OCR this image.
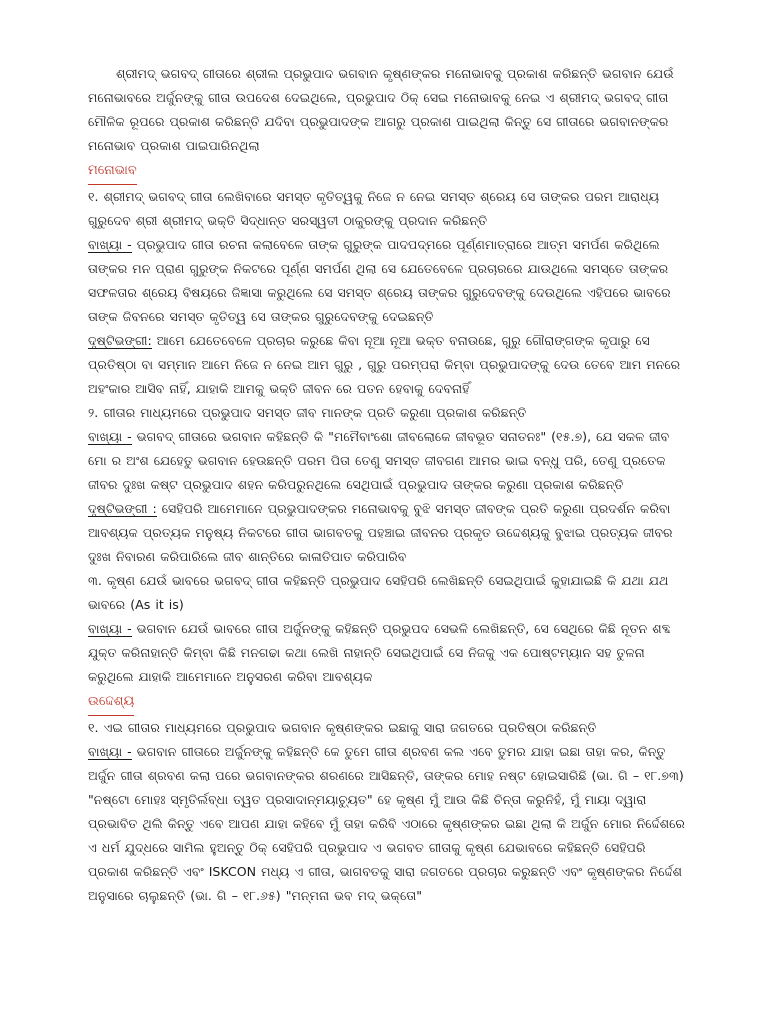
ଶ୍ରୀମଦ୍ ଭଗବଦ୍ ଗୀତାରେ ଶ୍ରୀଲ ପ୍ରଭୁପାଦ ଭଗବାନ କୃଷ୍ଣଙ୍କର ମନୋଭାବକୁ ପ୍ରକାଶ କରିଛନ୍ତି ଭଗବାନ ଯେଉଁ ମନୋଭାବରେ ଅର୍ଜୁନଙ୍କୁ ଗୀତା ଉପଦେଶ ଦେଇଥିଲେ, ପ୍ରଭୁପାଦ ଠିକ୍ ସେଇ ମନୋଭାବକୁ ନେଇ ଏ ଶ୍ରୀମଦ୍ ଭଗବଦ୍ ଗୀତା ମୌଳିକ ରୂପରେ ପ୍ରକାଶ କରିଛନ୍ତି ଯଦିବା ପ୍ରଭୁପାଦଙ୍କ ଆଗରୁ ପ୍ରକାଶ ପାଇଥିଲା କିନ୍ତୁ ସେ ଗୀତାରେ ଭଗବାନଙ୍କର ମନୋଭାବ ପ୍ରକାଶ ପାଇପାରିନଥିଲା

ମନୋଭାବ

୧. ଶ୍ରୀମଦ୍ ଭଗବଦ୍ ଗୀତା ଲେଖିବାରେ ସମସ୍ତ କୃତିତ୍ୱକୁ ନିଜେ ନ ନେଇ ସମସ୍ତ ଶ୍ରେୟ ସେ ତାଙ୍କର ପରମ ଆରାଧ୍ୟ ଗୁରୁଦେବ ଶ୍ରୀ ଶ୍ରୀମଦ୍ ଭକ୍ତି ସିଦ୍ଧାନ୍ତ ସରସ୍ୱତୀ ଠାକୁରଙ୍କୁ ପ୍ରଦାନ କରିଛନ୍ତି

ବାଖ୍ୟା - ପ୍ରଭୁପାଦ ଗୀତା ରଚନା କଲାବେଳେ ତାଙ୍କ ଗୁରୁଙ୍କ ପାଦପଦ୍ମରେ ପୂର୍ଣ୍ଣମାତ୍ରାରେ ଆତ୍ମ ସମର୍ପଣ କରିଥିଲେ ତାଙ୍କର ମନ ପ୍ରାଣ ଗୁରୁଙ୍କ ନିକଟରେ ପୂର୍ଣ୍ଣ ସମର୍ପଣ ଥିଲା ସେ ଯେତେବେଳେ ପ୍ରଚାରରେ ଯାଉଥିଲେ ସମସ୍ତେ ତାଙ୍କର ସଫଳତାର ଶ୍ରେୟ ବିଷୟରେ ଜିଜ୍ଞାସା କରୁଥିଲେ ସେ ସମସ୍ତ ଶ୍ରେୟ ତାଙ୍କର ଗୁରୁଦେବଙ୍କୁ ଦେଉଥିଲେ ଏହିପରେ ଭାବରେ ତାଙ୍କ ଜିବନରେ ସମସ୍ତ କୃତିତ୍ୱ ସେ ତାଙ୍କର ଗୁରୁଦେବଙ୍କୁ ଦେଇଛନ୍ତି

ଦୃଷ୍ଟିଭଙ୍ଗୀ: ଆମେ ଯେତେବେଳେ ପ୍ରଚାର କରୁଛେ କିବା ନୂଆ ନୂଆ ଭକ୍ତ ବନାଉଛେ, ଗୁରୁ ଗୌରାଙ୍ଗଙ୍କ କୃପାରୁ ସେ ପ୍ରତିଷ୍ଠା ବା ସମ୍ମାନ ଆମେ ନିଜେ ନ ନେଇ ଆମ ଗୁରୁ , ଗୁରୁ ପରମ୍ପରା କିମ୍ବା ପ୍ରଭୁପାଦଙ୍କୁ ଦେଉ ତେବେ ଆମ ମନରେ ଅହଂକାର ଆସିବ ନାହିଁ, ଯାହାକି ଆମକୁ ଭକ୍ତି ଜୀବନ ରେ ପତନ ହେବାକୁ ଦେବନାହିଁ

୨. ଗୀତାର ମାଧ୍ୟମରେ ପ୍ରଭୁପାଦ ସମସ୍ତ ଜୀବ ମାନଙ୍କ ପ୍ରତି କରୁଣା ପ୍ରକାଶ କରିଛନ୍ତି

ବାଖ୍ୟା - ଭଗବଦ୍ ଗୀତାରେ ଭଗବାନ କହିଛନ୍ତି କି "ମମୈବାଂଶୋ ଜୀବଲୋକେ ଜୀବଭୂତ ସନାତନଃ" (୧୫.୭), ଯେ ସକଳ ଜୀବ ମୋ ର ଅଂଶ ଯେହେତୁ ଭଗବାନ ହେଉଛନ୍ତି ପରମ ପିତା ତେଣୁ ସମସ୍ତ ଜୀବଗଣ ଆମର ଭାଇ ବନ୍ଧୁ ପରି, ତେଣୁ ପ୍ରତେକ ଜୀବର ଦୁଃଖ କଷ୍ଟ ପ୍ରଭୁପାଦ ଶହନ କରିପରୁନଥିଲେ ସେଥିପାଇଁ ପ୍ରଭୁପାଦ ତାଙ୍କର କରୁଣା ପ୍ରକାଶ କରିଛନ୍ତି

ଦୃଷ୍ଟିଭଙ୍ଗୀ : ସେହିପରି ଆମେମାନେ ପ୍ରଭୁପାଦଙ୍କର ମନୋଭାବକୁ ବୁଝି ସମସ୍ତ ଜୀବଙ୍କ ପ୍ରତି କରୁଣା ପ୍ରଦର୍ଶନ କରିବା ଆବଶ୍ୟକ ପ୍ରତ୍ୟକ ମନୁଷ୍ୟ ନିକଟରେ ଗୀତା ଭାଗବତକୁ ପହଞ୍ଚାଇ ଜୀବନର ପ୍ରକୃତ ଉଦ୍ଦେଶ୍ୟକୁ ବୁଝାଇ ପ୍ରତ୍ୟକ ଜୀବର ଦୁଃଖ ନିବାରଣ କରିପାରିଲେ ଜୀବ ଶାନ୍ତିରେ କାଳାତିପାତ କରିପାରିବ

୩. କୃଷ୍ଣ ଯେଉଁ ଭାବରେ ଭଗବଦ୍ ଗୀତା କହିଛନ୍ତି ପ୍ରଭୁପାଦ ସେହିପରି ଲେଖିଛନ୍ତି ସେଇଥିପାଇଁ କୁହାଯାଇଛି କି ଯଥା ଯଥ ଭାବରେ (As it is)

ବାଖ୍ୟା - ଭଗବାନ ଯେଉଁ ଭାବରେ ଗୀତା ଅର୍ଜୁନଙ୍କୁ କହିଛନ୍ତି ପ୍ରଭୁପଦ ସେଭଳି ଲେଖିଛନ୍ତି, ସେ ସେଥିରେ କିଛି ନୂତନ ଶବ୍ଦ ଯୁକ୍ତ କରିନାହାନ୍ତି କିମ୍ବା କିଛି ମନଗଢା କଥା ଲେଖି ନାହାନ୍ତି ସେଇଥିପାଇଁ ସେ ନିଜକୁ ଏକ ପୋଷ୍ଟମ୍ୟାନ ସହ ତୁଳନା କରୁଥିଲେ ଯାହାକି ଆମେମାନେ ଅନୁସରଣ କରିବା ଆବଶ୍ୟକ

ଉଦ୍ଦେଶ୍ୟ

୧. ଏଇ ଗୀତାର ମାଧ୍ୟମରେ ପ୍ରଭୁପାଦ ଭଗବାନ କୃଷ୍ଣଙ୍କର ଇଛାକୁ ସାରା ଜଗତରେ ପ୍ରତିଷ୍ଠା କରିଛନ୍ତି

ବାଖ୍ୟା - ଭଗବାନ ଗୀତାରେ ଅର୍ଜୁନଙ୍କୁ କହିଛନ୍ତି କେ ତୁମେ ଗୀତା ଶ୍ରବଣ କଲ ଏବେ ତୁମର ଯାହା ଇଛା ତାହା କର, କିନ୍ତୁ ଅର୍ଜୁନ ଗୀତା ଶ୍ରବଣ କଲା ପରେ ଭଗବାନଙ୍କର ଶରଣରେ ଆସିଛନ୍ତି, ତାଙ୍କର ମୋହ ନଷ୍ଟ ହୋଇସାରିଛି (ଭା. ଗି – ୧୮.୭୩) "ନଷ୍ଟୋ ମୋହଃ ସ୍ମୃତିର୍ଲବ୍ଧା ତ୍ୱତ ପ୍ରସାଦାନ୍ମୟାଚ୍ୟୁତ" ହେ କୃଷ୍ଣ ମୁଁ ଆଉ କିଛି ଚିନ୍ତା କରୁନିହଁ, ମୁଁ ମାୟା ଦ୍ୱାରା ପ୍ରଭାବିତ ଥିଲି କିନ୍ତୁ ଏବେ ଆପଣ ଯାହା କହିବେ ମୁଁ ତାହା କରିବି ଏଠାରେ କୃଷ୍ଣଙ୍କର ଇଛା ଥିଲା କି ଅର୍ଜୁନ ମୋର ନିର୍ଦ୍ଦେଶରେ ଏ ଧର୍ମ ଯୁଦ୍ଧରେ ସାମିଲ ହୁଅନ୍ତୁ ଠିକ୍ ସେହିପରି ପ୍ରଭୁପାଦ ଏ ଭଗବତ ଗୀତାକୁ କୃଷ୍ଣ ଯେଭାବରେ କହିଛନ୍ତି ସେହିପରି ପ୍ରକାଶ କରିଛନ୍ତି ଏବଂ ISKCON ମଧ୍ୟ ଏ ଗୀତା, ଭାଗବତକୁ ସାରା ଜଗତରେ ପ୍ରଚାର କରୁଛନ୍ତି ଏବଂ କୃଷ୍ଣଙ୍କର ନିର୍ଦ୍ଦେଶ ଅନୁସାରେ ଚାଲୁଛନ୍ତି (ଭା. ଗି – ୧୮.୬୫) "ମନ୍ମନା ଭବ ମଦ୍ ଭକ୍ତୋ"
